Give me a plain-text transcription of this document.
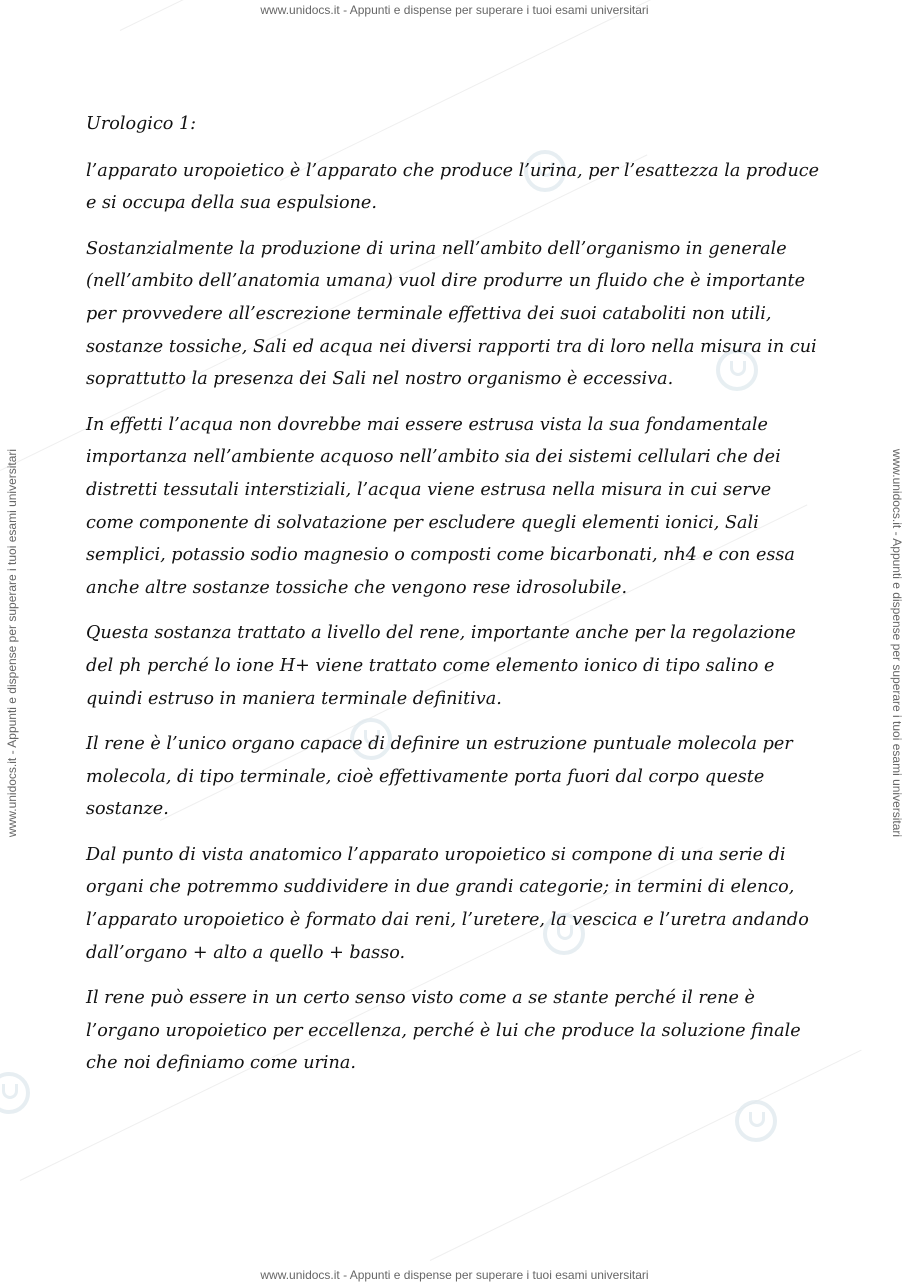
www.unidocs.it - Appunti e dispense per superare i tuoi esami universitari
www.unidocs.it - Appunti e dispense per superare i tuoi esami universitari
www.unidocs.it - Appunti e dispense per superare i tuoi esami universitari	www.unidocs.it - Appunti e dispense per superare i tuoi esami universitari
Urologico 1:

l’apparato uropoietico è l’apparato che produce l’urina, per l’esattezza la produce e si occupa della sua espulsione.

Sostanzialmente la produzione di urina nell’ambito dell’organismo in generale (nell’ambito dell’anatomia umana) vuol dire produrre un fluido che è importante per provvedere all’escrezione terminale effettiva dei suoi cataboliti non utili, sostanze tossiche, Sali ed acqua nei diversi rapporti tra di loro nella misura in cui soprattutto la presenza dei Sali nel nostro organismo è eccessiva.

In effetti l’acqua non dovrebbe mai essere estrusa vista la sua fondamentale importanza nell’ambiente acquoso nell’ambito sia dei sistemi cellulari che dei distretti tessutali interstiziali, l’acqua viene estrusa nella misura in cui serve come componente di solvatazione per escludere quegli elementi ionici, Sali semplici, potassio sodio magnesio o composti come bicarbonati, nh4 e con essa anche altre sostanze tossiche che vengono rese idrosolubile.

Questa sostanza trattato a livello del rene, importante anche per la regolazione del ph perché lo ione H+ viene trattato come elemento ionico di tipo salino e quindi estruso in maniera terminale definitiva.

Il rene è l’unico organo capace di definire un estruzione puntuale molecola per molecola, di tipo terminale, cioè effettivamente porta fuori dal corpo queste sostanze.

Dal punto di vista anatomico l’apparato uropoietico si compone di una serie di organi che potremmo suddividere in due grandi categorie; in termini di elenco, l’apparato uropoietico è formato dai reni, l’uretere, la vescica e l’uretra andando dall’organo + alto a quello + basso.

Il rene può essere in un certo senso visto come a se stante perché il rene è l’organo uropoietico per eccellenza, perché è lui che produce la soluzione finale che noi definiamo come urina.
